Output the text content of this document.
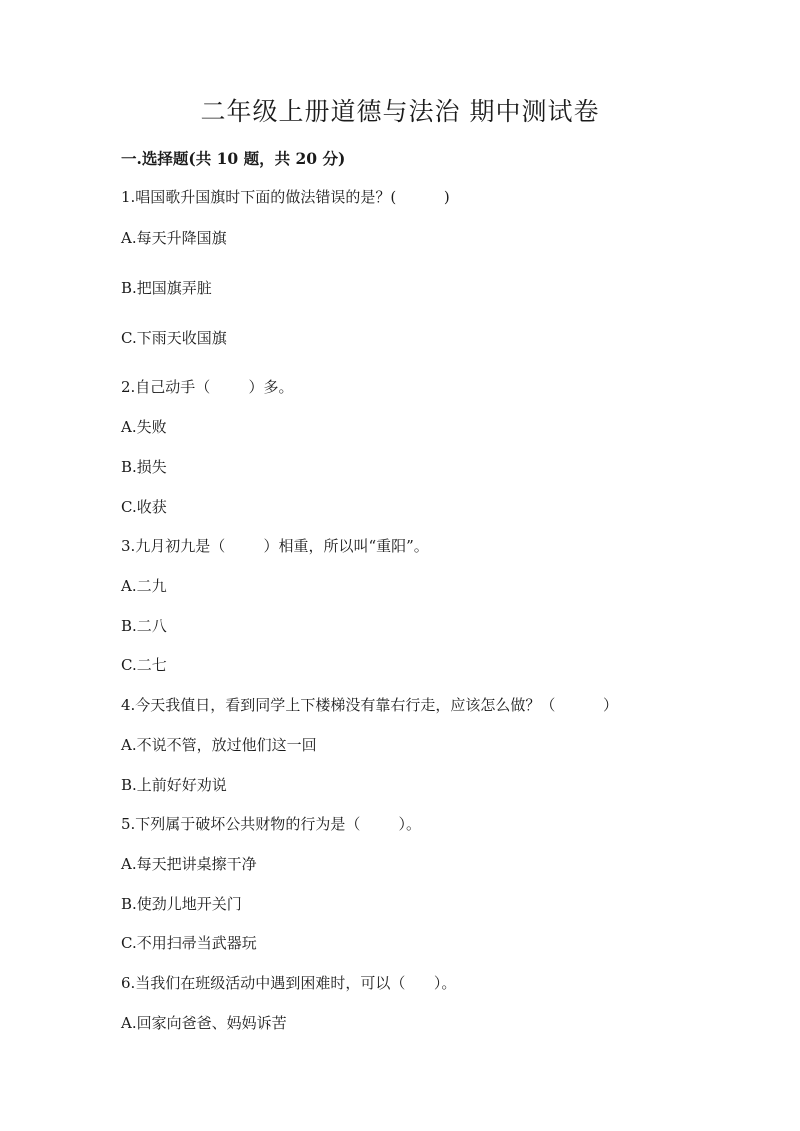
二年级上册道德与法治 期中测试卷
一.选择题(共 10 题，共 20 分)
1.唱国歌升国旗时下面的做法错误的是？(          )
A.每天升降国旗
B.把国旗弄脏
C.下雨天收国旗
2.自己动手（        ）多。
A.失败
B.损失
C.收获
3.九月初九是（        ）相重，所以叫“重阳”。
A.二九
B.二八
C.二七
4.今天我值日，看到同学上下楼梯没有靠右行走，应该怎么做？（          ）
A.不说不管，放过他们这一回
B.上前好好劝说
5.下列属于破坏公共财物的行为是（        ）。
A.每天把讲桌擦干净
B.使劲儿地开关门
C.不用扫帚当武器玩
6.当我们在班级活动中遇到困难时，可以（      ）。
A.回家向爸爸、妈妈诉苦
